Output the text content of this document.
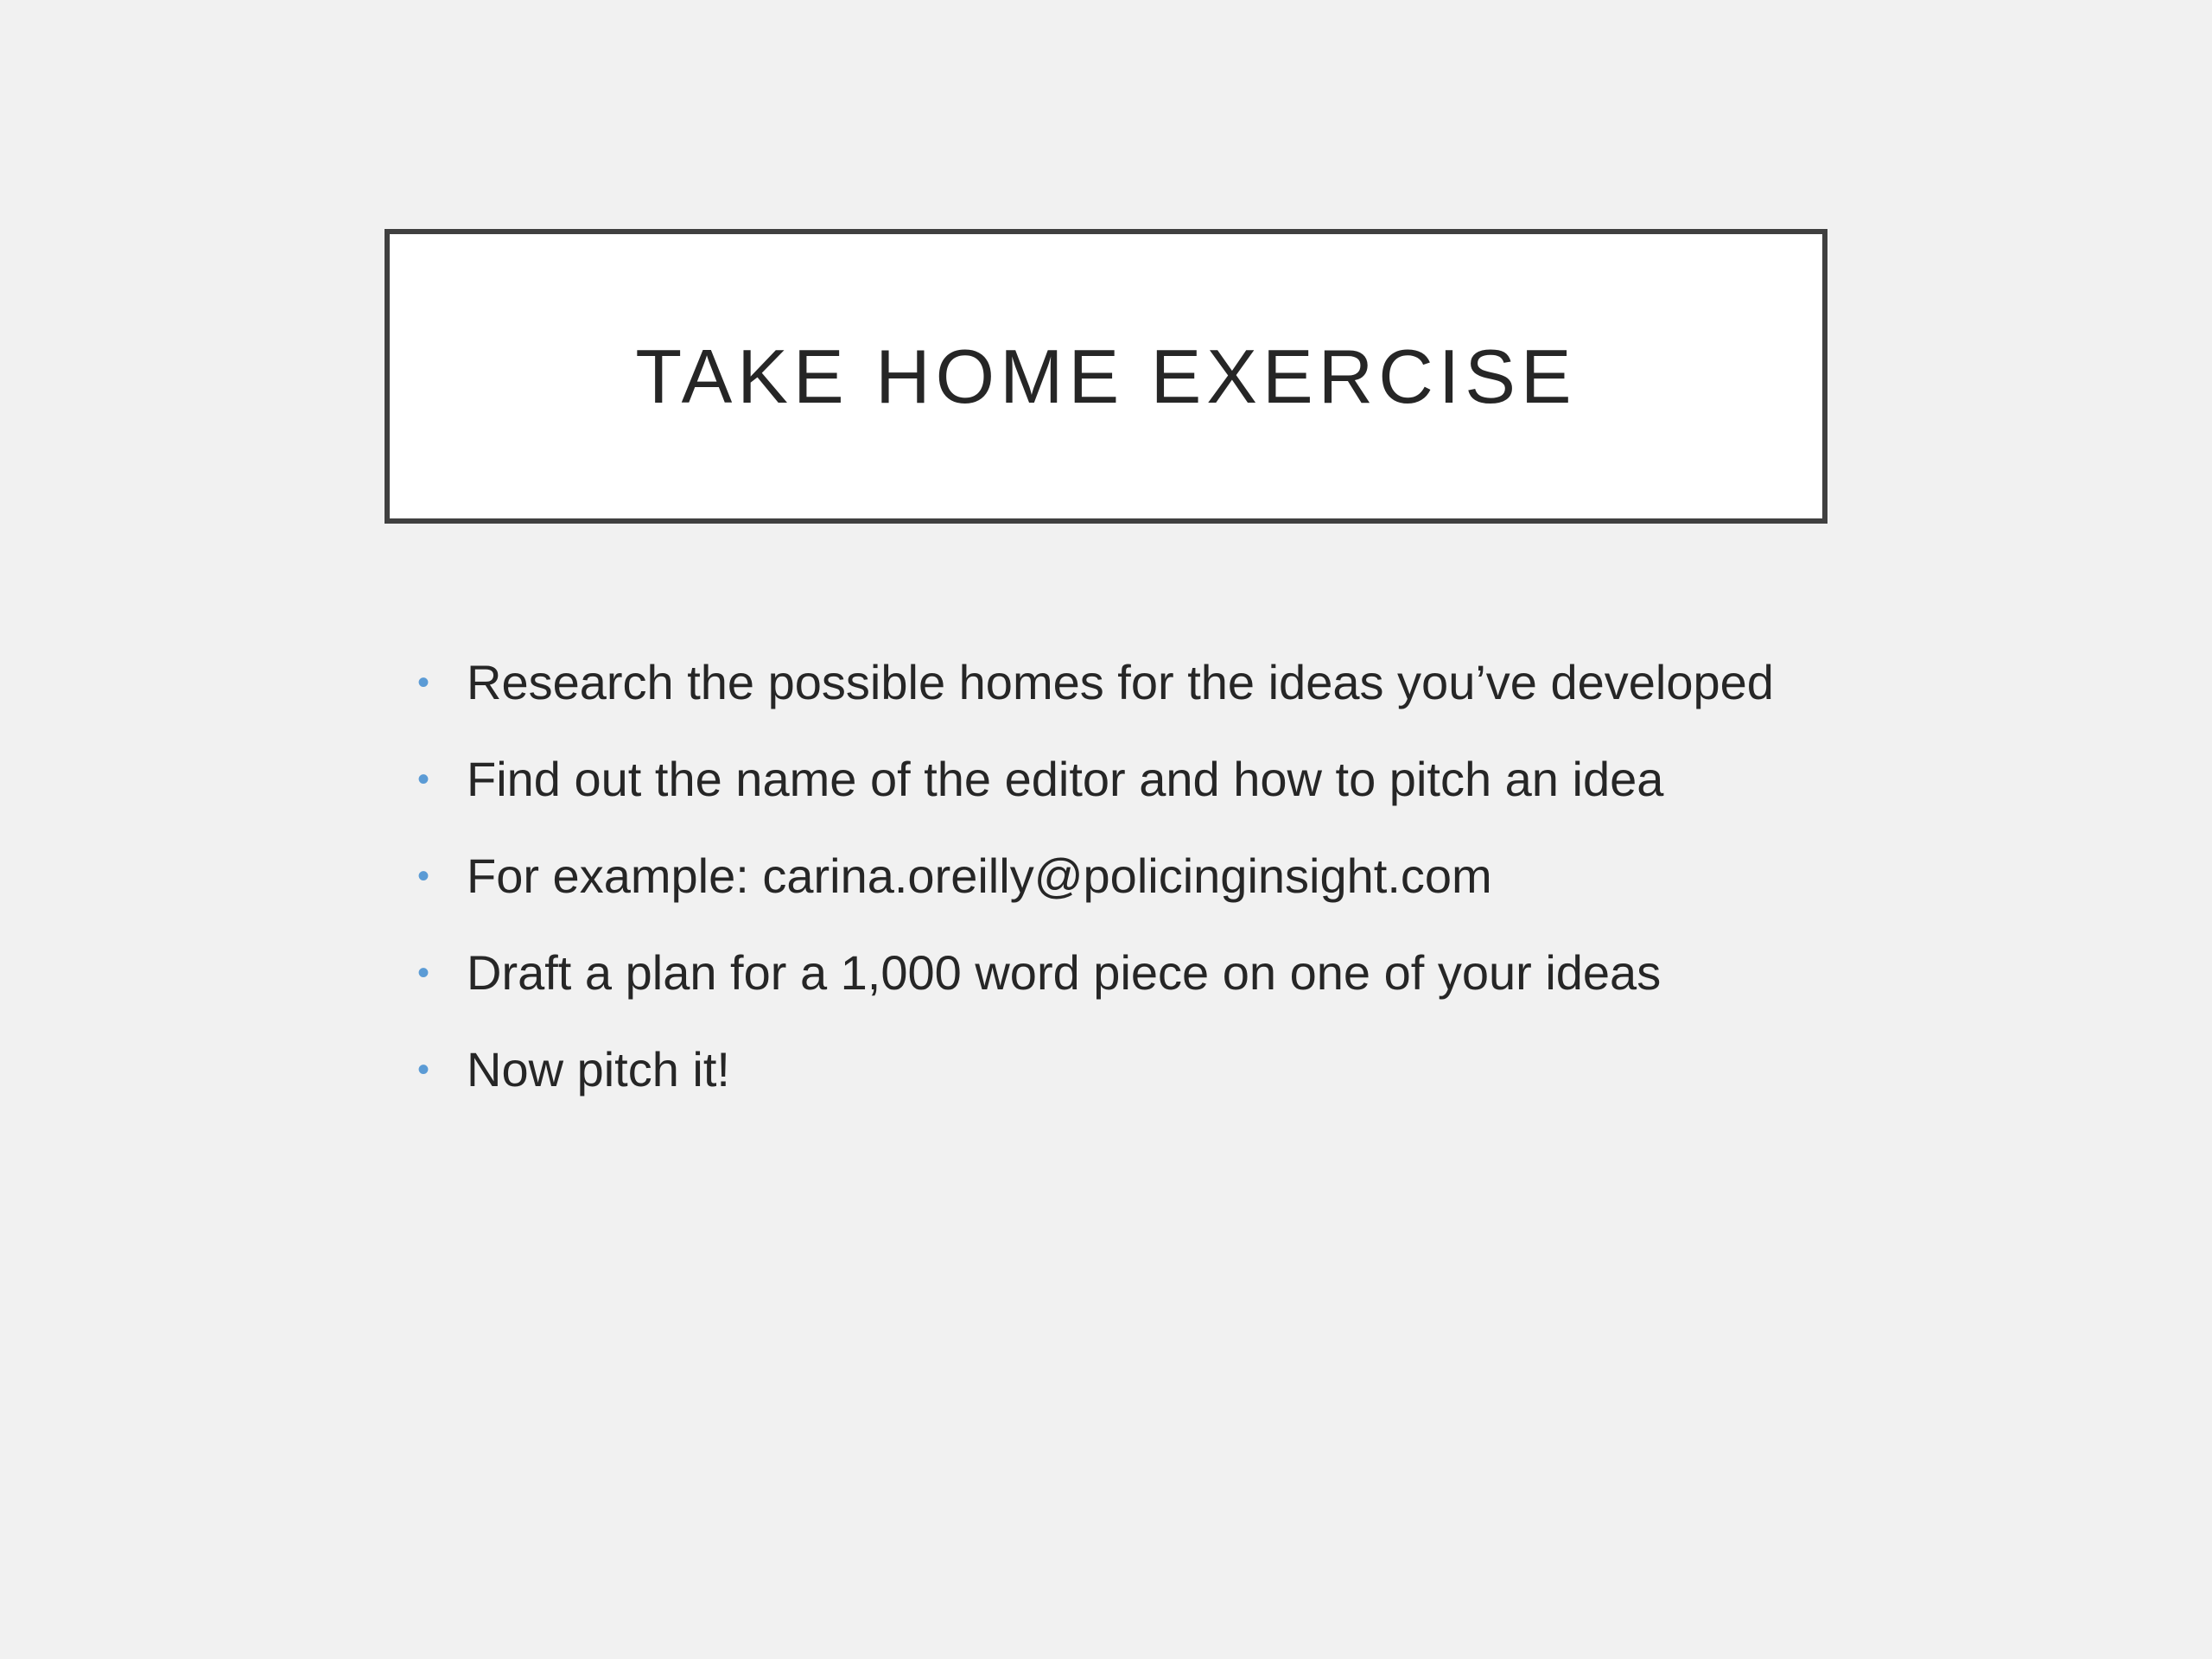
TAKE HOME EXERCISE
• Research the possible homes for the ideas you’ve developed
• Find out the name of the editor and how to pitch an idea
• For example: carina.oreilly@policinginsight.com
• Draft a plan for a 1,000 word piece on one of your ideas
• Now pitch it!
